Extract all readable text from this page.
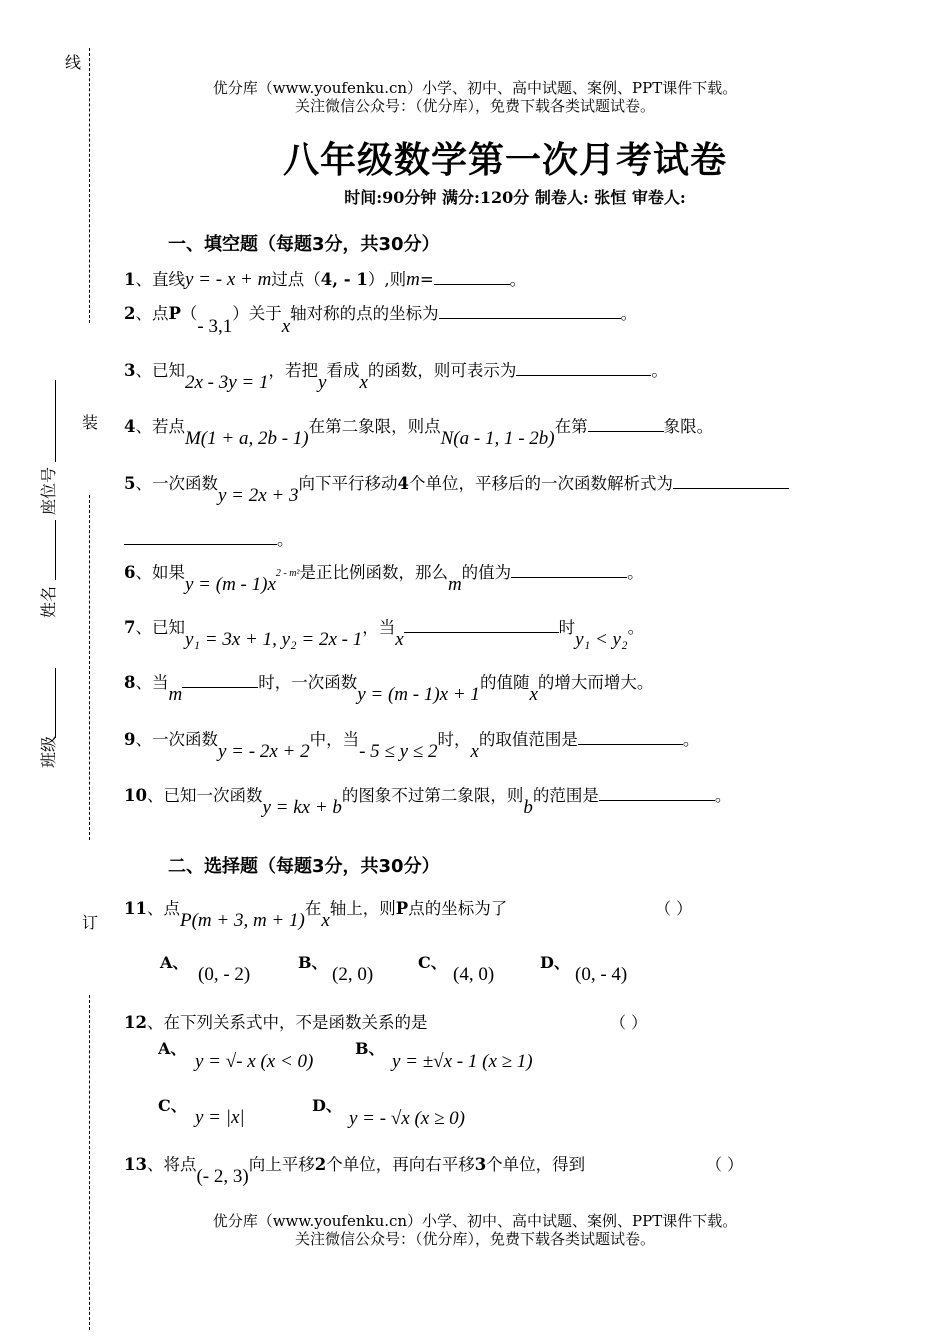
线
装
订
座位号
姓名
班级
优分库（www.youfenku.cn）小学、初中、高中试题、案例、PPT课件下载。
关注微信公众号：（优分库），免费下载各类试题试卷。
八年级数学第一次月考试卷
时间:90分钟 满分:120分 制卷人: 张恒 审卷人:
一、填空题（每题3分，共30分）
1、直线y = - x + m过点（4, - 1）,则m=	。
2、点P（- 3,1）关于x轴对称的点的坐标为	。
3、已知2x - 3y = 1，若把y看成x的函数，则可表示为	。
4、若点M(1 + a, 2b - 1)在第二象限，则点N(a - 1, 1 - 2b)在第	象限。
5、一次函数y = 2x + 3向下平行移动4个单位，平移后的一次函数解析式为
。
6、如果y = (m - 1)x2 - m²是正比例函数，那么m的值为	。
7、已知y₁ = 3x + 1, y₂ = 2x - 1，当x时y₁ < y₂。
8、当m时，一次函数y = (m - 1)x + 1的值随x的增大而增大。
9、一次函数y = - 2x + 2中，当- 5 ≤ y ≤ 2时，x的取值范围是	。
10、已知一次函数y = kx + b的图象不过第二象限，则b的范围是	。
二、选择题（每题3分，共30分）
11、点P(m + 3, m + 1)在x轴上，则P点的坐标为了	（ ）
A、
(0, - 2)
B、
(2, 0)
C、
(4, 0)
D、
(0, - 4)
12、在下列关系式中，不是函数关系的是	（ ）
A、
y = √- x (x < 0)
B、
y = ±√x - 1 (x ≥ 1)
C、
y = |x|
D、
y = - √x (x ≥ 0)
13、将点(- 2, 3)向上平移2个单位，再向右平移3个单位，得到	（ ）
优分库（www.youfenku.cn）小学、初中、高中试题、案例、PPT课件下载。
关注微信公众号：（优分库），免费下载各类试题试卷。
